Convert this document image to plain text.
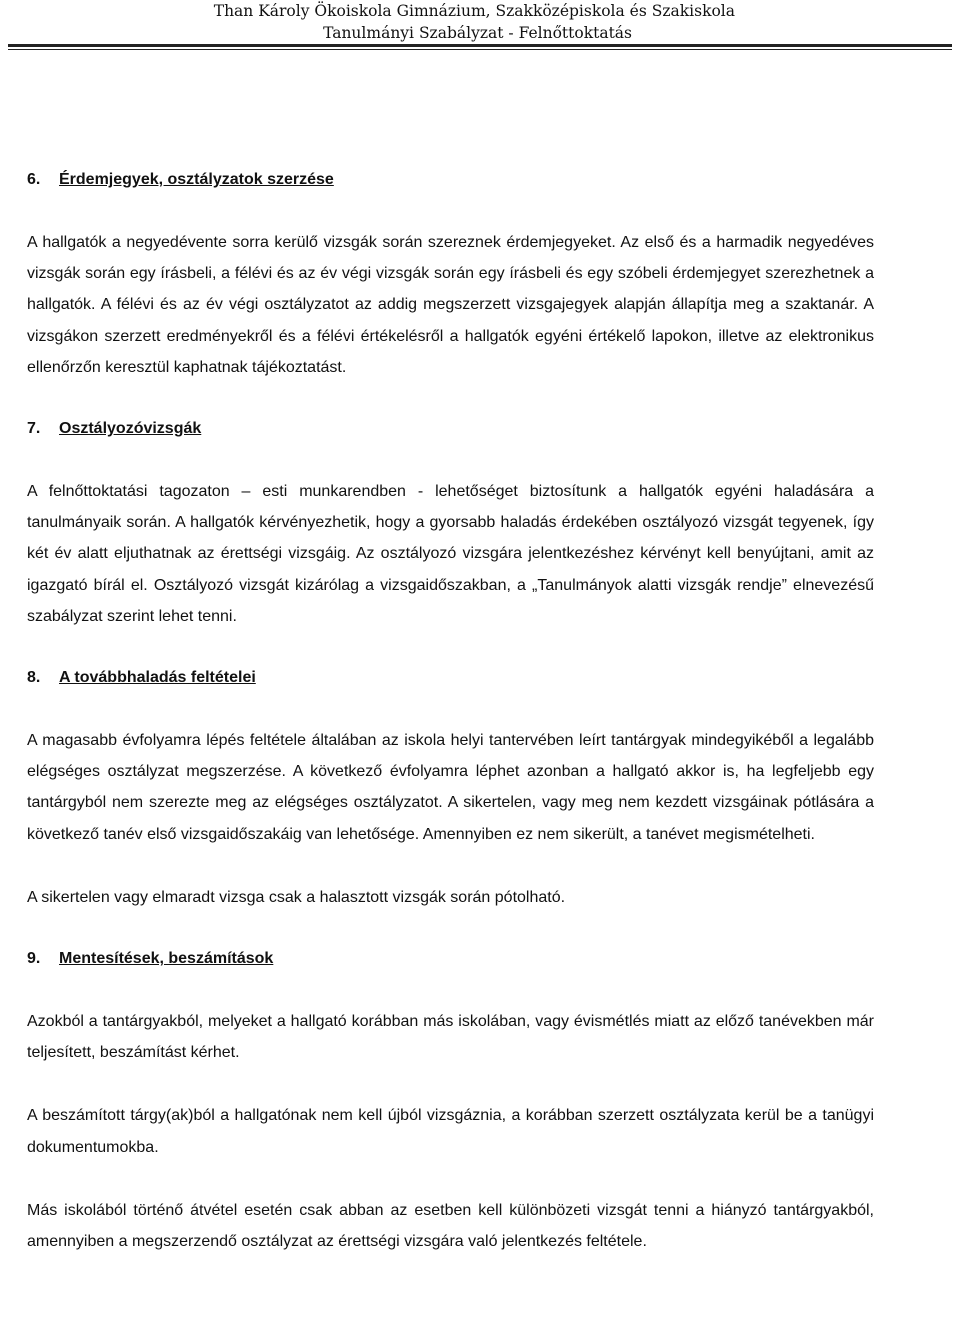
Than Károly Ökoiskola Gimnázium, Szakközépiskola és Szakiskola
Tanulmányi Szabályzat - Felnőttoktatás
6. Érdemjegyek, osztályzatok szerzése

A hallgatók a negyedévente sorra kerülő vizsgák során szereznek érdemjegyeket. Az első és a harmadik negyedéves vizsgák során egy írásbeli, a félévi és az év végi vizsgák során egy írásbeli és egy szóbeli érdemjegyet szerezhetnek a hallgatók. A félévi és az év végi osztályzatot az addig megszerzett vizsgajegyek alapján állapítja meg a szaktanár. A vizsgákon szerzett eredményekről és a félévi értékelésről a hallgatók egyéni értékelő lapokon, illetve az elektronikus ellenőrzőn keresztül kaphatnak tájékoztatást.

7. Osztályozóvizsgák

A felnőttoktatási tagozaton – esti munkarendben - lehetőséget biztosítunk a hallgatók egyéni haladására a tanulmányaik során. A hallgatók kérvényezhetik, hogy a gyorsabb haladás érdekében osztályozó vizsgát tegyenek, így két év alatt eljuthatnak az érettségi vizsgáig. Az osztályozó vizsgára jelentkezéshez kérvényt kell benyújtani, amit az igazgató bírál el. Osztályozó vizsgát kizárólag a vizsgaidőszakban, a „Tanulmányok alatti vizsgák rendje” elnevezésű szabályzat szerint lehet tenni.

8. A továbbhaladás feltételei

A magasabb évfolyamra lépés feltétele általában az iskola helyi tantervében leírt tantárgyak mindegyikéből a legalább elégséges osztályzat megszerzése. A következő évfolyamra léphet azonban a hallgató akkor is, ha legfeljebb egy tantárgyból nem szerezte meg az elégséges osztályzatot. A sikertelen, vagy meg nem kezdett vizsgáinak pótlására a következő tanév első vizsgaidőszakáig van lehetősége. Amennyiben ez nem sikerült, a tanévet megismételheti.

A sikertelen vagy elmaradt vizsga csak a halasztott vizsgák során pótolható.

9. Mentesítések, beszámítások

Azokból a tantárgyakból, melyeket a hallgató korábban más iskolában, vagy évismétlés miatt az előző tanévekben már teljesített, beszámítást kérhet.

A beszámított tárgy(ak)ból a hallgatónak nem kell újból vizsgáznia, a korábban szerzett osztályzata kerül be a tanügyi dokumentumokba.

Más iskolából történő átvétel esetén csak abban az esetben kell különbözeti vizsgát tenni a hiányzó tantárgyakból, amennyiben a megszerzendő osztályzat az érettségi vizsgára való jelentkezés feltétele.
